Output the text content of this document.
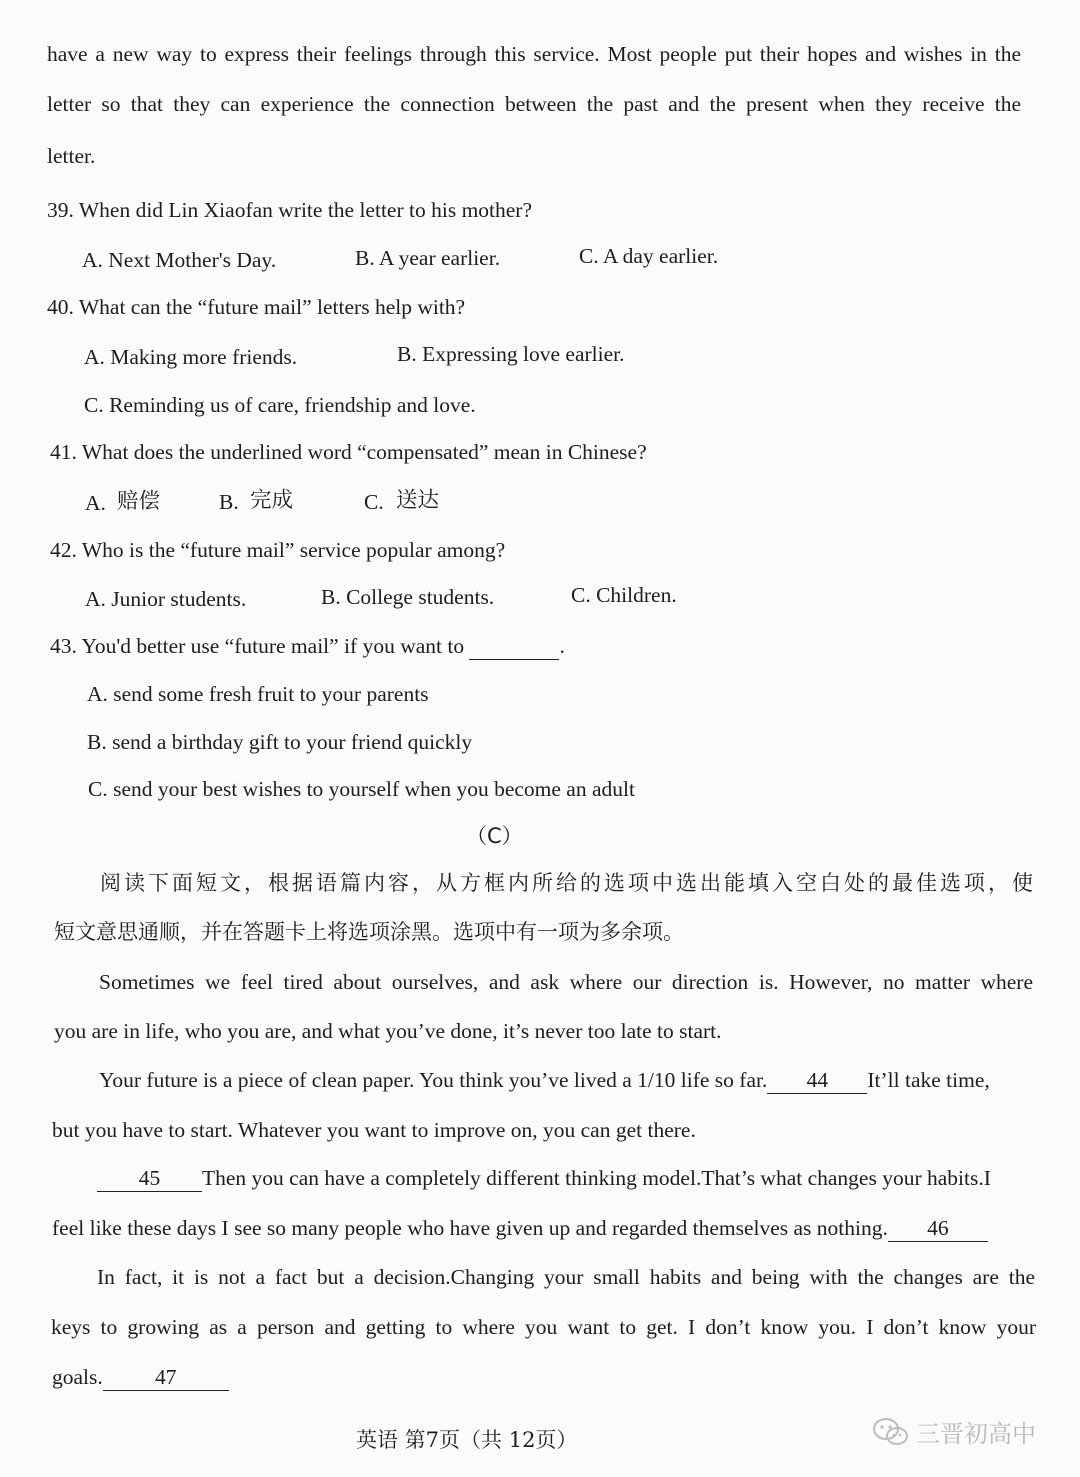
have a new way to express their feelings through this service. Most people put their hopes and wishes in the
letter so that they can experience the connection between the past and the present when they receive the
letter.
39. When did Lin Xiaofan write the letter to his mother?
A. Next Mother's Day.	B. A year earlier.	C. A day earlier.
40. What can the “future mail” letters help with?
A. Making more friends.	B. Expressing love earlier.
C. Reminding us of care, friendship and love.
41. What does the underlined word “compensated” mean in Chinese?
A. 赔偿	B. 完成	C. 送达
42. Who is the “future mail” service popular among?
A. Junior students.	B. College students.	C. Children.
43. You'd better use “future mail” if you want to	.
A. send some fresh fruit to your parents
B. send a birthday gift to your friend quickly
C. send your best wishes to yourself when you become an adult
（C）
阅读下面短文，根据语篇内容，从方框内所给的选项中选出能填入空白处的最佳选项，使
短文意思通顺，并在答题卡上将选项涂黑。选项中有一项为多余项。
Sometimes we feel tired about ourselves, and ask where our direction is. However, no matter where
you are in life, who you are, and what you’ve done, it’s never too late to start.
Your future is a piece of clean paper. You think you’ve lived a 1/10 life so far.	44	It’ll take time,
but you have to start. Whatever you want to improve on, you can get there.
45	Then you can have a completely different thinking model.That’s what changes your habits.I
feel like these days I see so many people who have given up and regarded themselves as nothing.	46
In fact, it is not a fact but a decision.Changing your small habits and being with the changes are the
keys to growing as a person and getting to where you want to get. I don’t know you. I don’t know your
goals.	47
英语 第7页（共 12页）	三晋初高中
